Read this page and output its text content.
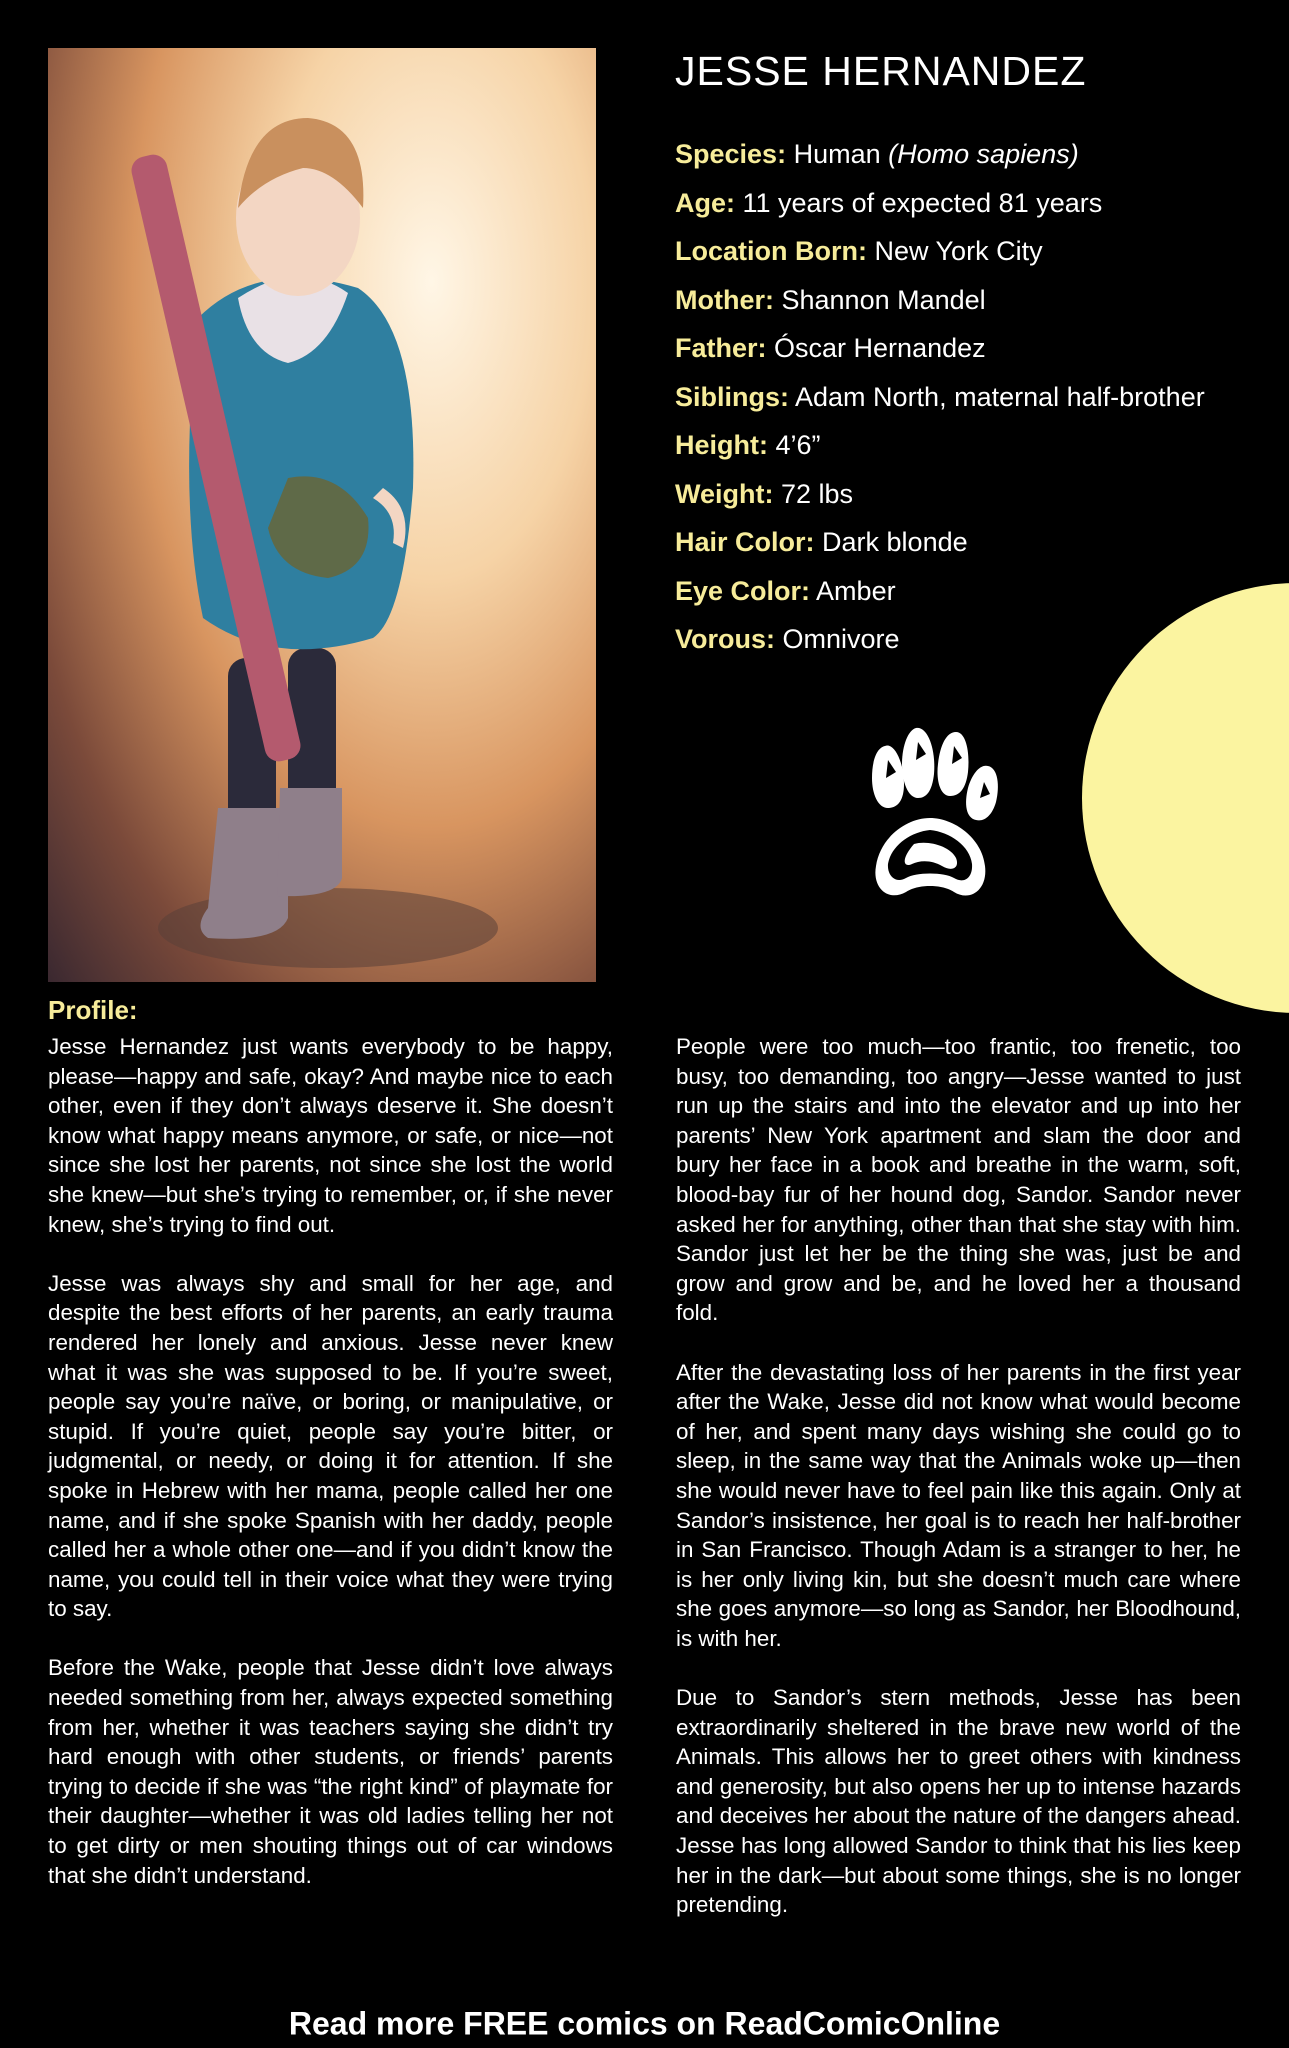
JESSE HERNANDEZ
Species: Human (Homo sapiens)
Age: 11 years of expected 81 years
Location Born: New York City
Mother: Shannon Mandel
Father: Óscar Hernandez
Siblings: Adam North, maternal half-brother
Height: 4’6”
Weight: 72 lbs
Hair Color: Dark blonde
Eye Color: Amber
Vorous: Omnivore
Profile:

Jesse Hernandez just wants everybody to be happy, please—happy and safe, okay? And maybe nice to each other, even if they don’t always deserve it. She doesn’t know what happy means anymore, or safe, or nice—not since she lost her parents, not since she lost the world she knew—but she’s trying to remember, or, if she never knew, she’s trying to find out.

Jesse was always shy and small for her age, and despite the best efforts of her parents, an early trauma rendered her lonely and anxious. Jesse never knew what it was she was supposed to be. If you’re sweet, people say you’re naïve, or boring, or manipulative, or stupid. If you’re quiet, people say you’re bitter, or judgmental, or needy, or doing it for attention. If she spoke in Hebrew with her mama, people called her one name, and if she spoke Spanish with her daddy, people called her a whole other one—and if you didn’t know the name, you could tell in their voice what they were trying to say.

Before the Wake, people that Jesse didn’t love always needed something from her, always expected something from her, whether it was teachers saying she didn’t try hard enough with other students, or friends’ parents trying to decide if she was “the right kind” of playmate for their daughter—whether it was old ladies telling her not to get dirty or men shouting things out of car windows that she didn’t understand.

People were too much—too frantic, too frenetic, too busy, too demanding, too angry—Jesse wanted to just run up the stairs and into the elevator and up into her parents’ New York apartment and slam the door and bury her face in a book and breathe in the warm, soft, blood-bay fur of her hound dog, Sandor. Sandor never asked her for anything, other than that she stay with him. Sandor just let her be the thing she was, just be and grow and grow and be, and he loved her a thousand fold.

After the devastating loss of her parents in the first year after the Wake, Jesse did not know what would become of her, and spent many days wishing she could go to sleep, in the same way that the Animals woke up—then she would never have to feel pain like this again. Only at Sandor’s insistence, her goal is to reach her half-brother in San Francisco. Though Adam is a stranger to her, he is her only living kin, but she doesn’t much care where she goes anymore—so long as Sandor, her Bloodhound, is with her.

Due to Sandor’s stern methods, Jesse has been extraordinarily sheltered in the brave new world of the Animals. This allows her to greet others with kindness and generosity, but also opens her up to intense hazards and deceives her about the nature of the dangers ahead. Jesse has long allowed Sandor to think that his lies keep her in the dark—but about some things, she is no longer pretending.

Read more FREE comics on ReadComicOnline
